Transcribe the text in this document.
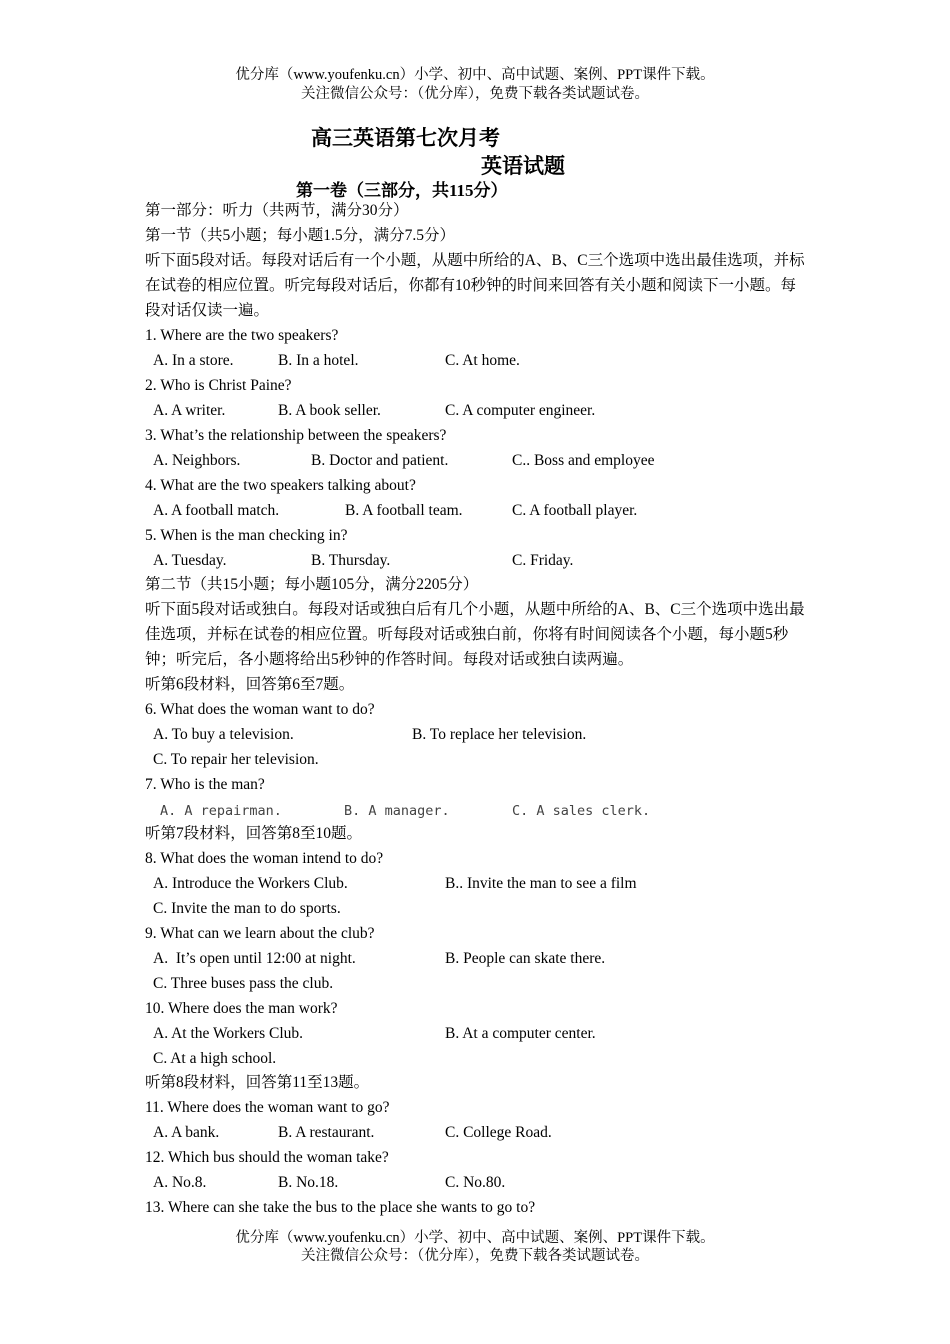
优分库（www.youfenku.cn）小学、初中、高中试题、案例、PPT课件下载。
关注微信公众号：（优分库），免费下载各类试题试卷。
高三英语第七次月考
英语试题
第一卷（三部分，共115分）
第一部分：听力（共两节，满分30分）
第一节（共5小题；每小题1.5分，满分7.5分）
听下面5段对话。每段对话后有一个小题，从题中所给的A、B、C三个选项中选出最佳选项，并标在试卷的相应位置。听完每段对话后，你都有10秒钟的时间来回答有关小题和阅读下一小题。每段对话仅读一遍。
1. Where are the two speakers?
A. In a store.	B. In a hotel.	C. At home.
2. Who is Christ Paine?
A. A writer.	B. A book seller.	C. A computer engineer.
3. What’s the relationship between the speakers?
A. Neighbors.	B. Doctor and patient.	C.. Boss and employee
4. What are the two speakers talking about?
A. A football match.	B. A football team.	C. A football player.
5. When is the man checking in?
A. Tuesday.	B. Thursday.	C. Friday.
第二节（共15小题；每小题105分，满分2205分）
听下面5段对话或独白。每段对话或独白后有几个小题，从题中所给的A、B、C三个选项中选出最佳选项，并标在试卷的相应位置。听每段对话或独白前，你将有时间阅读各个小题，每小题5秒钟；听完后，各小题将给出5秒钟的作答时间。每段对话或独白读两遍。
听第6段材料，回答第6至7题。
6. What does the woman want to do?
A. To buy a television.	B. To replace her television.
C. To repair her television.
7. Who is the man?
A. A repairman.	B. A manager.	C. A sales clerk.
听第7段材料，回答第8至10题。
8. What does the woman intend to do?
A. Introduce the Workers Club.	B.. Invite the man to see a film
C. Invite the man to do sports.
9. What can we learn about the club?
A.  It’s open until 12:00 at night.	B. People can skate there.
C. Three buses pass the club.
10. Where does the man work?
A. At the Workers Club.	B. At a computer center.
C. At a high school.
听第8段材料，回答第11至13题。
11. Where does the woman want to go?
A. A bank.	B. A restaurant.	C. College Road.
12. Which bus should the woman take?
A. No.8.	B. No.18.	C. No.80.
13. Where can she take the bus to the place she wants to go to?
优分库（www.youfenku.cn）小学、初中、高中试题、案例、PPT课件下载。
关注微信公众号：（优分库），免费下载各类试题试卷。
